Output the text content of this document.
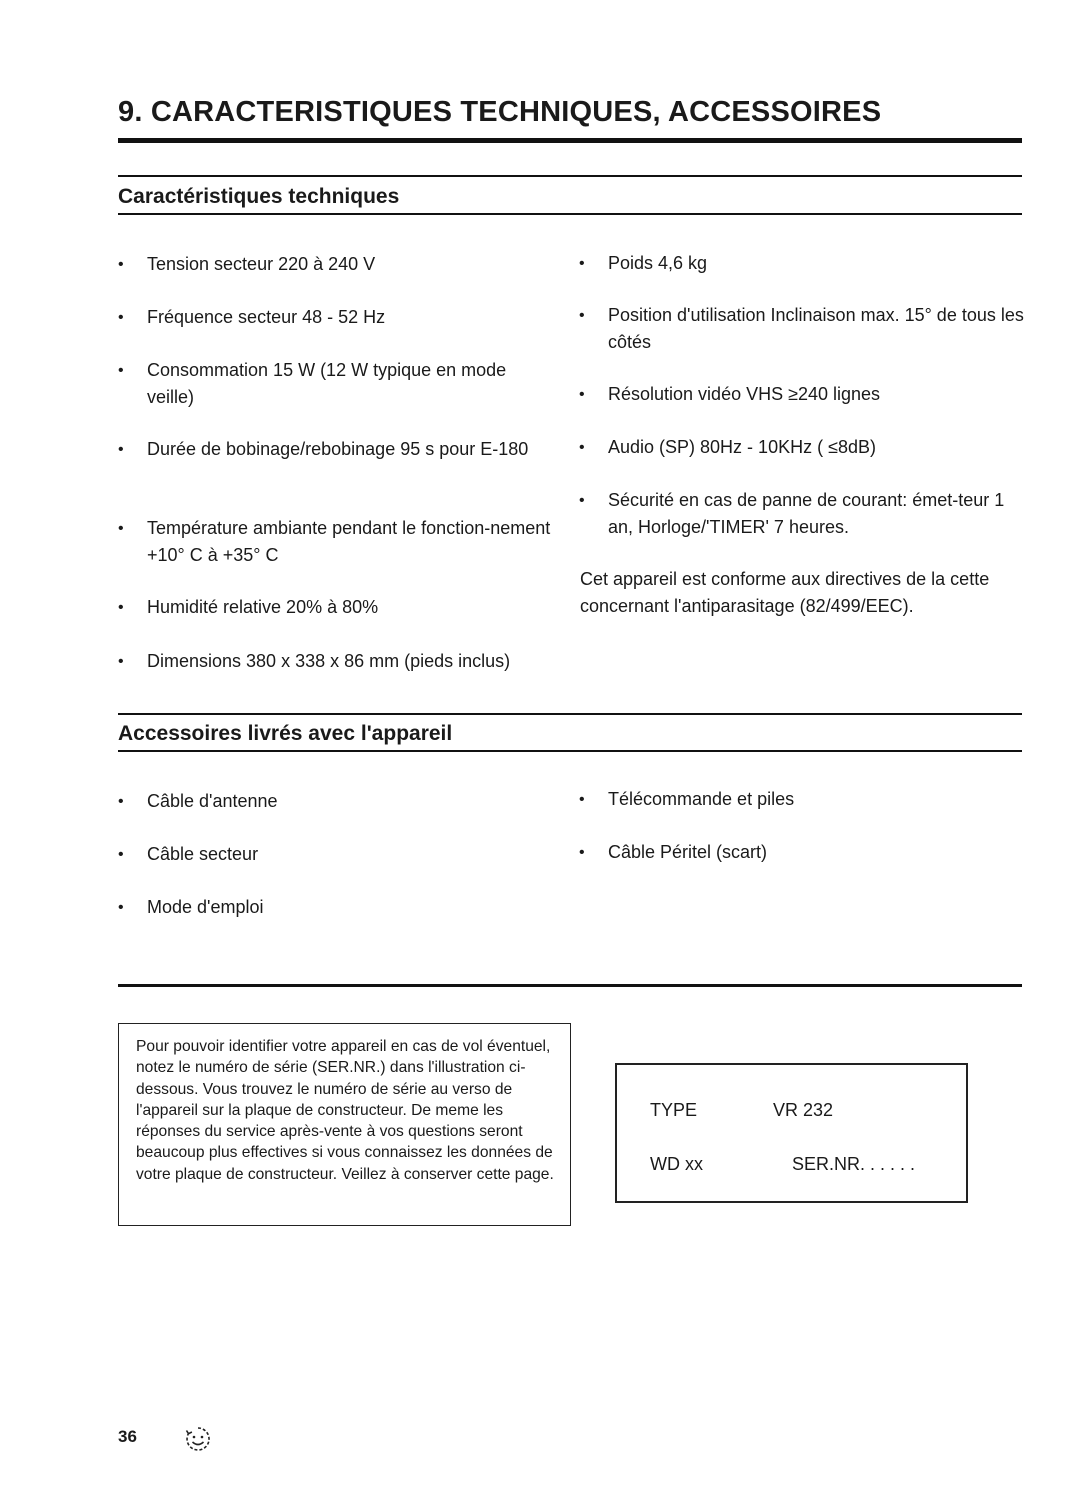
9. CARACTERISTIQUES TECHNIQUES, ACCESSOIRES
Caractéristiques techniques
•	Tension secteur 220 à 240 V
•	Fréquence secteur 48 - 52 Hz
•	Consommation 15 W (12 W typique en mode veille)
•	Durée de bobinage/rebobinage 95 s pour E-180
•	Température ambiante pendant le fonction-nement +10° C à +35° C
•	Humidité relative 20% à 80%
•	Dimensions 380 x 338 x 86 mm (pieds inclus)
•	Poids 4,6 kg
•	Position d'utilisation Inclinaison max. 15° de tous les côtés
•	Résolution vidéo VHS ≥240 lignes
•	Audio (SP) 80Hz - 10KHz ( ≤8dB)
•	Sécurité en cas de panne de courant: émet-teur 1 an, Horloge/'TIMER' 7 heures.

Cet appareil est conforme aux directives de la cette concernant l'antiparasitage (82/499/EEC).

Accessoires livrés avec l'appareil
•	Câble d'antenne
•	Câble secteur
•	Mode d'emploi
•	Télécommande et piles
•	Câble Péritel (scart)
Pour pouvoir identifier votre appareil en cas de vol éventuel, notez le numéro de série (SER.NR.) dans l'illustration ci-dessous. Vous trouvez le numéro de série au verso de l'appareil sur la plaque de constructeur. De meme les réponses du service après-vente à vos questions seront beaucoup plus effectives si vous connaissez les données de votre plaque de constructeur. Veillez à conserver cette page.
TYPE	VR 232
WD xx	SER.NR. . . . . .
36
